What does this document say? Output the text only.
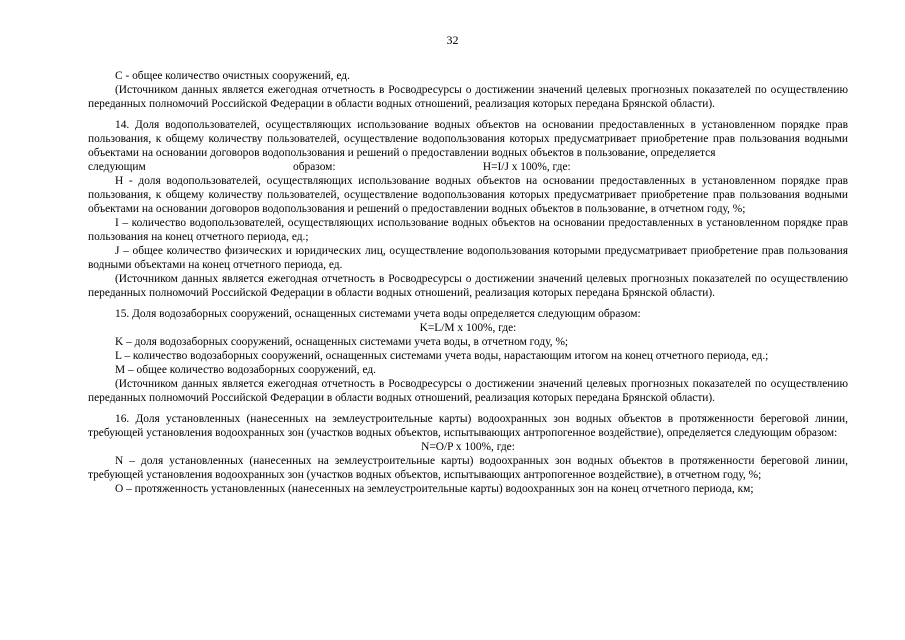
32

С - общее количество очистных сооружений, ед.

(Источником данных является ежегодная отчетность в Росводресурсы о достижении значений целевых прогнозных показателей по осуществлению переданных полномочий Российской Федерации в области водных отношений, реализация которых передана Брянской области).

14. Доля водопользователей, осуществляющих использование водных объектов на основании предоставленных в установленном порядке прав пользования, к общему количеству пользователей, осуществление водопользования которых предусматривает приобретение прав пользования водными объектами на основании договоров водопользования и решений о предоставлении водных объектов в пользование, определяется

следующим образом:	H=I/J x 100%, где:

H - доля водопользователей, осуществляющих использование водных объектов на основании предоставленных в установленном порядке прав пользования, к общему количеству пользователей, осуществление водопользования которых предусматривает приобретение прав пользования водными объектами на основании договоров водопользования и решений о предоставлении водных объектов в пользование, в отчетном году, %;

I – количество водопользователей, осуществляющих использование водных объектов на основании предоставленных в установленном порядке прав пользования на конец отчетного периода, ед.;

J – общее количество физических и юридических лиц, осуществление водопользования которыми предусматривает приобретение прав пользования водными объектами на конец отчетного периода, ед.

(Источником данных является ежегодная отчетность в Росводресурсы о достижении значений целевых прогнозных показателей по осуществлению переданных полномочий Российской Федерации в области водных отношений, реализация которых передана Брянской области).

15. Доля водозаборных сооружений, оснащенных системами учета воды определяется следующим образом:

K=L/M x 100%, где:

K – доля водозаборных сооружений, оснащенных системами учета воды, в отчетном году, %;

L – количество водозаборных сооружений, оснащенных системами учета воды, нарастающим итогом на конец отчетного периода, ед.;

M – общее количество водозаборных сооружений, ед.

(Источником данных является ежегодная отчетность в Росводресурсы о достижении значений целевых прогнозных показателей по осуществлению переданных полномочий Российской Федерации в области водных отношений, реализация которых передана Брянской области).

16. Доля установленных (нанесенных на землеустроительные карты) водоохранных зон водных объектов в протяженности береговой линии, требующей установления водоохранных зон (участков водных объектов, испытывающих антропогенное воздействие), определяется следующим образом:

N=O/P x 100%, где:

N – доля установленных (нанесенных на землеустроительные карты) водоохранных зон водных объектов в протяженности береговой линии, требующей установления водоохранных зон (участков водных объектов, испытывающих антропогенное воздействие), в отчетном году, %;

O – протяженность установленных (нанесенных на землеустроительные карты) водоохранных зон на конец отчетного периода, км;
